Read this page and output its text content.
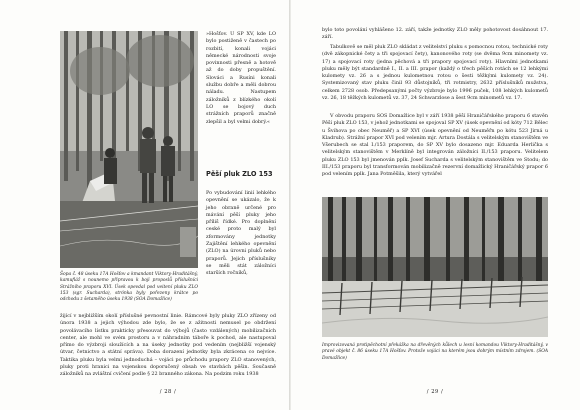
»Hošťov. U SP XV, kde LO bylo postiženě v častech po rozbití, konali vojáci německé národnosti svoje povinnosti přesně a hotově až do doby propuštění. Slováci a Rusíni konali službu dobře a měli dobrou náladu. Nastupem záložníků z blízkého okolí LO se bojový duch strážních praporů značně zlepšil a byl velmi dobrý.«

Pěší pluk ZLO 153

Po vybudování linií lehkého opevnění se ukázalo, že k jeho obraně určené pro mávání pěší pluky jeho příliš řídké. Pro doplnění ceské proto malý byl zformovány jednotky Zajištění lehkého opevnění (ZLO) na úrovni pluků nebo praporů. Jejich příslušníky se měli stát záložníci starších ročníků,

Šopa č. 48 úseku 17A Hošťov a kmandant Viktory-Hraditášný, kamufláž s nounemo připravou k boji proposlů příslušníci Strážního praporu XVI. Úsek opevdal pod veitení pluku ZLO 153 (sgr. Sucharda), strónka byly pořezeny krátce po odchodu z šetaměho úseku 1938 (SOA Domažlice)

žijící v nejbližším okolí příslušné pevnostní linie. Rámcové byly pluky ZLO zřízeny od února 1938 a jejich výhodou zde bylo, že se z ažitnosti nemusel po obdržení povolávacího lístku prakticky přesouvat do výbojů (často vzdálených) mobilizačních center, ale mohl ve svém prostoru a v náhradním táboře k pochod, ale nastupoval přímo do výzbroji sloužících a na úseky jednotky pod vedením (nejbližší vojenský útvar, četnictvo a státní správa). Doba dorazení jednotky byla zkrácena co nejvíce. Taktika pluku byla velmi jednoduchá – vojáci po průchodu prapory ZLO stanovených, pluky proti hranici na vojenskou doporučený obsah ve stavbách pěšin. Současně záložníků na zvláštní cvičení podle § 22 branného zákona. Na podzim roku 1938

/ 28 /

bylo toto povolání vyhlášeno 12. září, takže jednotky ZLO měly pohotovost dosáhnout 17. září.

Tabulkově se měl pluk ZLO skládat z velitelství pluku s pomocnou rotou, technické roty (dvě zákopnické čety a tři spojovací čety), kanonového roty (se dvěma 9cm minomety vz. 17) a spojovací roty (jedna pěchová a tři prapory spojovací roty). Hlavními jednotkami pluku měly být standardně I., II. a III. prapor (každý o třech pěších rotách se 12 lehkými kulomety vz. 26 a s jednou kulometnou rotou o šesti těžkými kulomety vz. 24). Systemizovaný stav pluku činil 93 důstojníků, tři rotmistry, 2632 příslušníků mužstva, celkem 2728 osob. Předepsanými počty výzbroje bylo 1996 puček, 108 lehkých kulometů vz. 26, 18 těžkých kulometů vz. 37, 24 Schwarzlose a šest 9cm minometů vz. 17.

V obvodu praporu SOS Domažlice byl v září 1938 pěší Hraničářského praporu 6 stavěn Pěší pluk ZLO 153, v jehož jednotkami se spojoval SP XV (úsek opevnění od kóty 712 Bělec u Švihova po obec Neuměř) a SP XVI (úsek opevnění od Neuměřn po kótu 523 Jirná u Kladrub). Strážní prapor XVI pod velením mjr. Artura Dostála s velitelským stanovištěm ve Všerubech se stal I./153 praporem, do SP XV bylo dosazeno mjr. Eduarda Herlička s velitelským stanovištěm v Merklíně byl integrován záložníci II./153 praporu. Velitelem pluku ZLO 153 byl jmenován pplk. Josef Sucharda s velitelským stanovištěm ve Stodu; do III./153 praporu byl transformován mobilizačně rezervní domažlický Hraničářský prapor 6 pod velením pplk. Jana Potměšila, který vytvářel

Improvizovaná protipěchotní překážka na dřevěných kůlech u lesní komandou Viktory-Hraditášný, v pravé objekt č. 86 úseku 17A Hošťov. Protože vojáci na kterém jsou dobrým místním zdrojem. (SOA Domažlice)
/ 29 /
